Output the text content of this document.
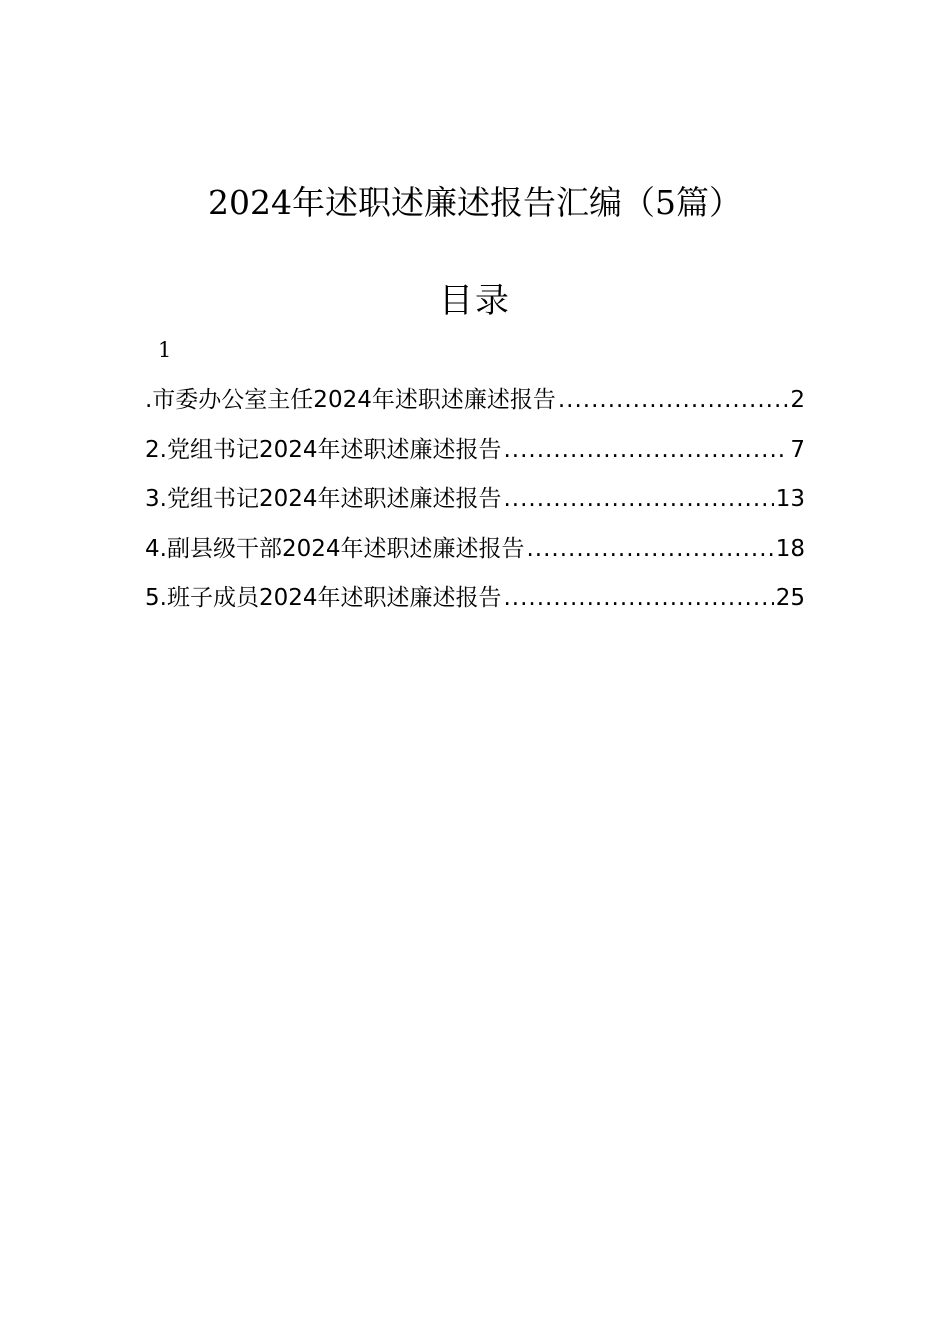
2024年述职述廉述报告汇编（5篇）
目录
1
.市委办公室主任2024年述职述廉述报告 .....	2
2.党组书记2024年述职述廉述报告 .....	7
3.党组书记2024年述职述廉述报告 .....	13
4.副县级干部2024年述职述廉述报告 .....	18
5.班子成员2024年述职述廉述报告 .....	25
